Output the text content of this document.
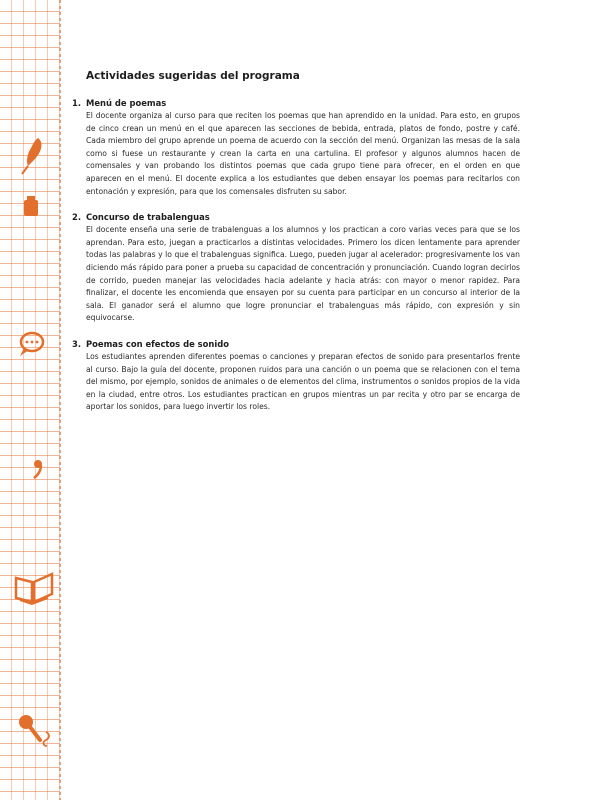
Actividades sugeridas del programa
1. Menú de poemas
El docente organiza al curso para que reciten los poemas que han aprendido en la unidad. Para esto, en grupos de cinco crean un menú en el que aparecen las secciones de bebida, entrada, platos de fondo, postre y café. Cada miembro del grupo aprende un poema de acuerdo con la sección del menú. Organizan las mesas de la sala como si fuese un restaurante y crean la carta en una cartulina. El profesor y algunos alumnos hacen de comensales y van probando los distintos poemas que cada grupo tiene para ofrecer, en el orden en que aparecen en el menú. El docente explica a los estudiantes que deben ensayar los poemas para recitarlos con entonación y expresión, para que los comensales disfruten su sabor.
2. Concurso de trabalenguas
El docente enseña una serie de trabalenguas a los alumnos y los practican a coro varias veces para que se los aprendan. Para esto, juegan a practicarlos a distintas velocidades. Primero los dicen lentamente para aprender todas las palabras y lo que el trabalenguas significa. Luego, pueden jugar al acelerador: progresivamente los van diciendo más rápido para poner a prueba su capacidad de concentración y pronunciación. Cuando logran decirlos de corrido, pueden manejar las velocidades hacia adelante y hacia atrás: con mayor o menor rapidez. Para finalizar, el docente les encomienda que ensayen por su cuenta para participar en un concurso al interior de la sala. El ganador será el alumno que logre pronunciar el trabalenguas más rápido, con expresión y sin equivocarse.
3. Poemas con efectos de sonido
Los estudiantes aprenden diferentes poemas o canciones y preparan efectos de sonido para presentarlos frente al curso. Bajo la guía del docente, proponen ruidos para una canción o un poema que se relacionen con el tema del mismo, por ejemplo, sonidos de animales o de elementos del clima, instrumentos o sonidos propios de la vida en la ciudad, entre otros. Los estudiantes practican en grupos mientras un par recita y otro par se encarga de aportar los sonidos, para luego invertir los roles.
